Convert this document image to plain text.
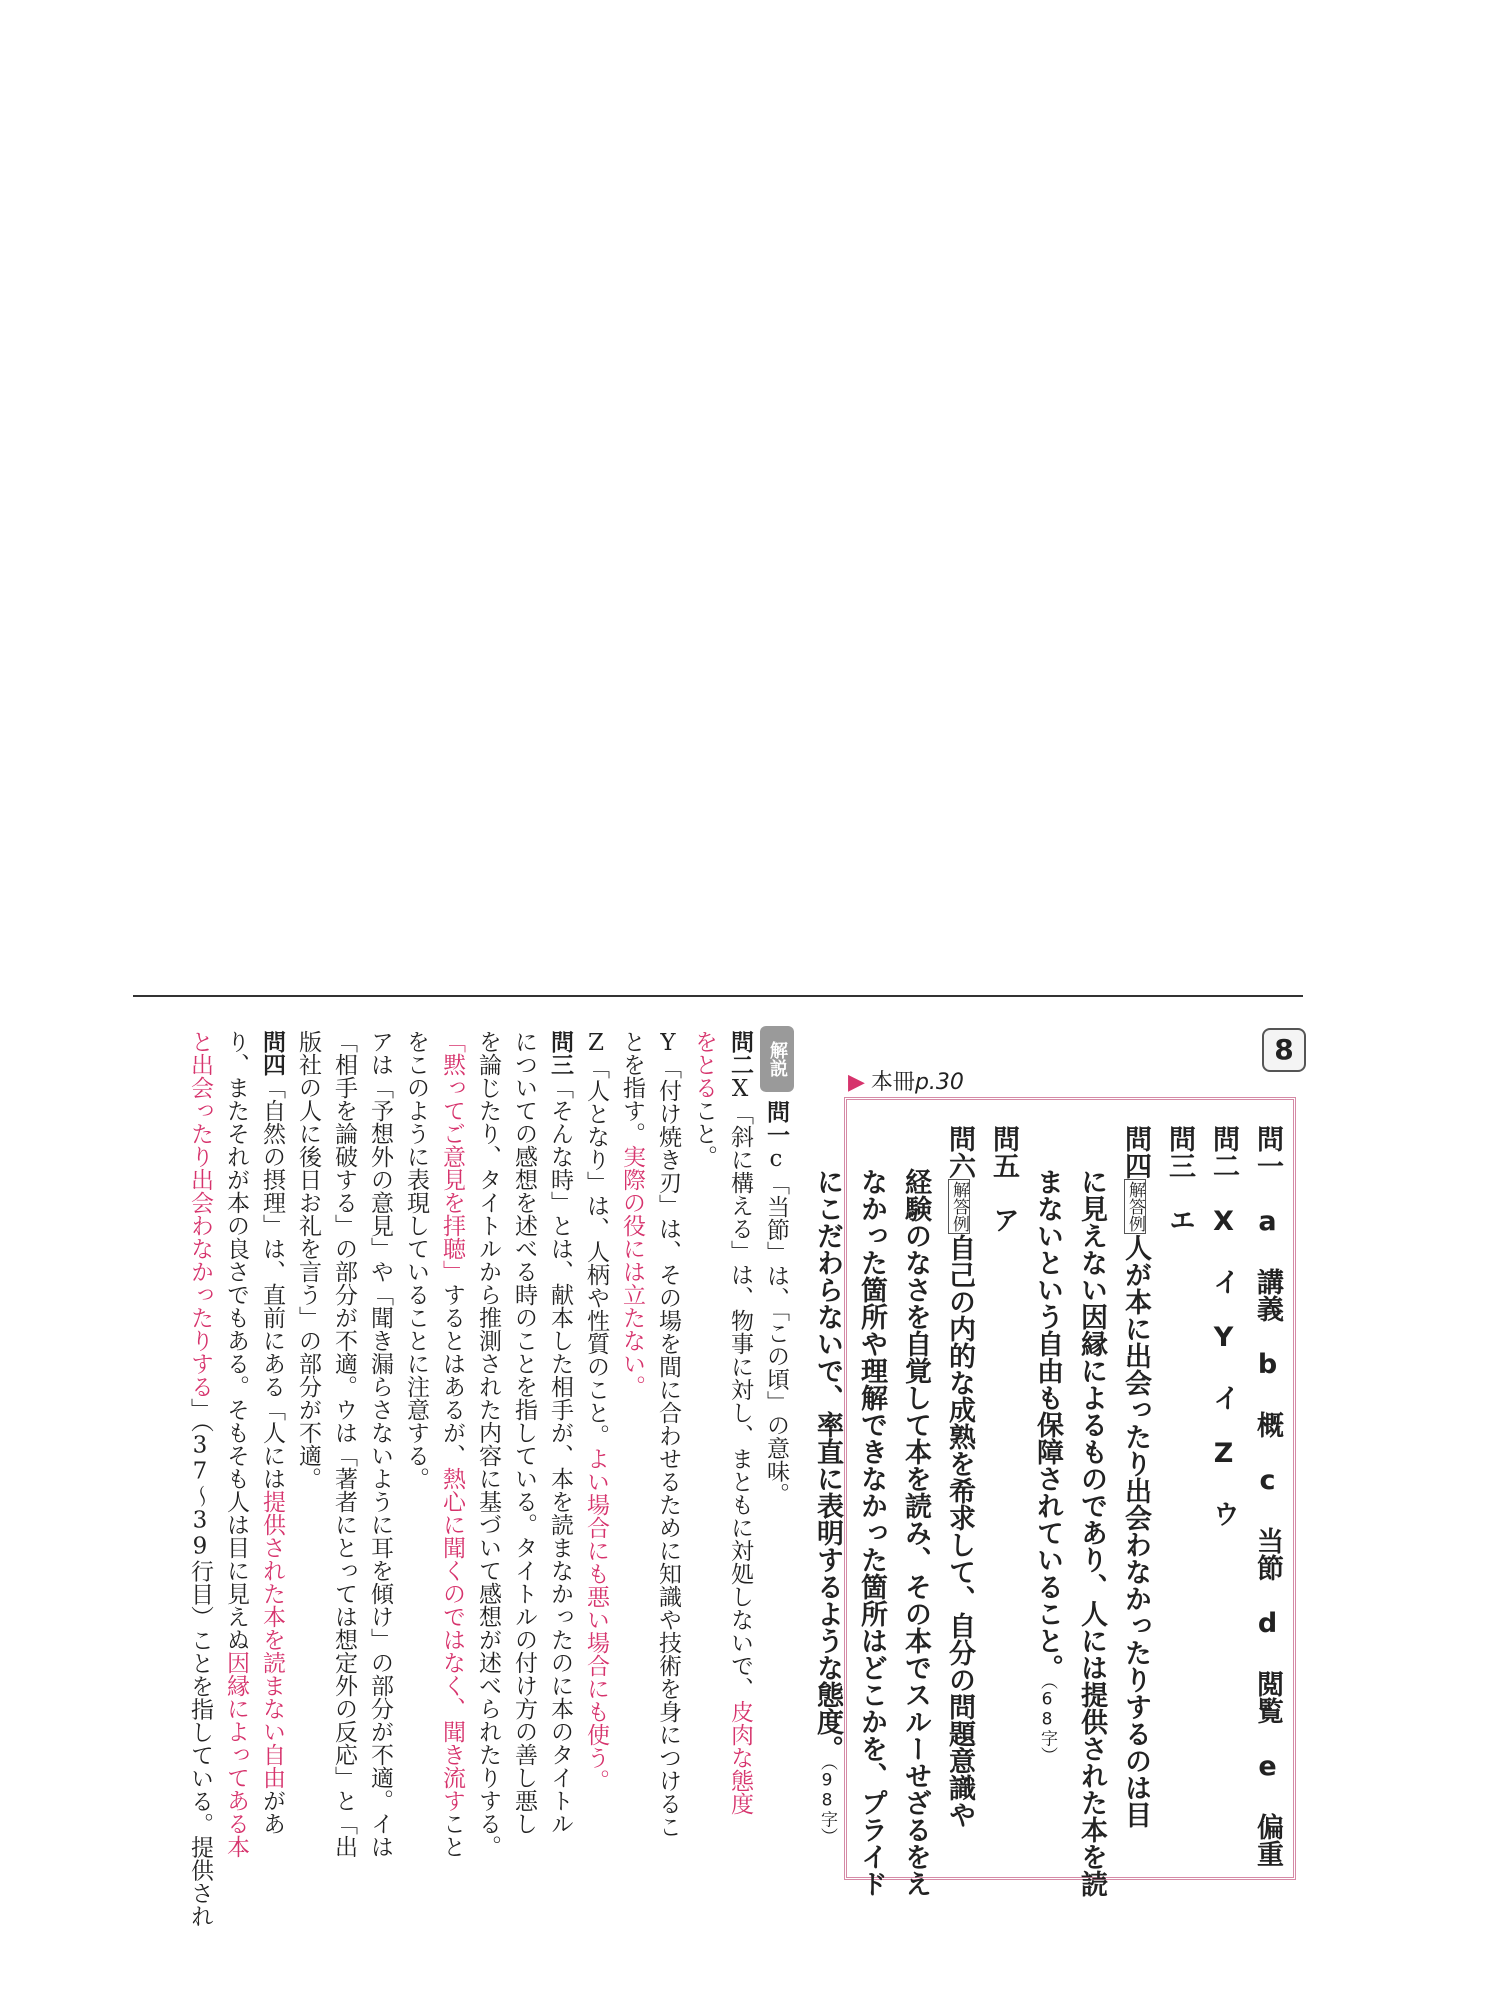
8
▶ 本冊p.30
問一　a 講義　b 概　c 当節　d 閲覧　e 偏重
問二　X イ　Y イ　Z ウ
問三　エ
問四解答例人が本に出会ったり出会わなかったりするのは目
に見えない因縁によるものであり、人には提供された本を読
まないという自由も保障されていること。（68字）
問五　ア
問六解答例自己の内的な成熟を希求して、自分の問題意識や
経験のなさを自覚して本を読み、その本でスルーせざるをえ
なかった箇所や理解できなかった箇所はどこかを、プライド
にこだわらないで、率直に表明するような態度。（98字）
解説
問一c「当節」は、「この頃」の意味。
問二X「斜に構える」は、物事に対し、まともに対処しないで、皮肉な態度
をとること。
Y「付け焼き刃」は、その場を間に合わせるために知識や技術を身につけるこ
とを指す。実際の役には立たない。
Z「人となり」は、人柄や性質のこと。よい場合にも悪い場合にも使う。
問三「そんな時」とは、献本した相手が、本を読まなかったのに本のタイトル
についての感想を述べる時のことを指している。タイトルの付け方の善し悪し
を論じたり、タイトルから推測された内容に基づいて感想が述べられたりする。
「黙ってご意見を拝聴」するとはあるが、熱心に聞くのではなく、聞き流すこと
をこのように表現していることに注意する。
アは「予想外の意見」や「聞き漏らさないように耳を傾け」の部分が不適。イは
「相手を論破する」の部分が不適。ウは「著者にとっては想定外の反応」と「出
版社の人に後日お礼を言う」の部分が不適。
問四「自然の摂理」は、直前にある「人には提供された本を読まない自由があ
り、またそれが本の良さでもある。そもそも人は目に見えぬ因縁によってある本
と出会ったり出会わなかったりする」（37〜39行目）ことを指している。提供され
